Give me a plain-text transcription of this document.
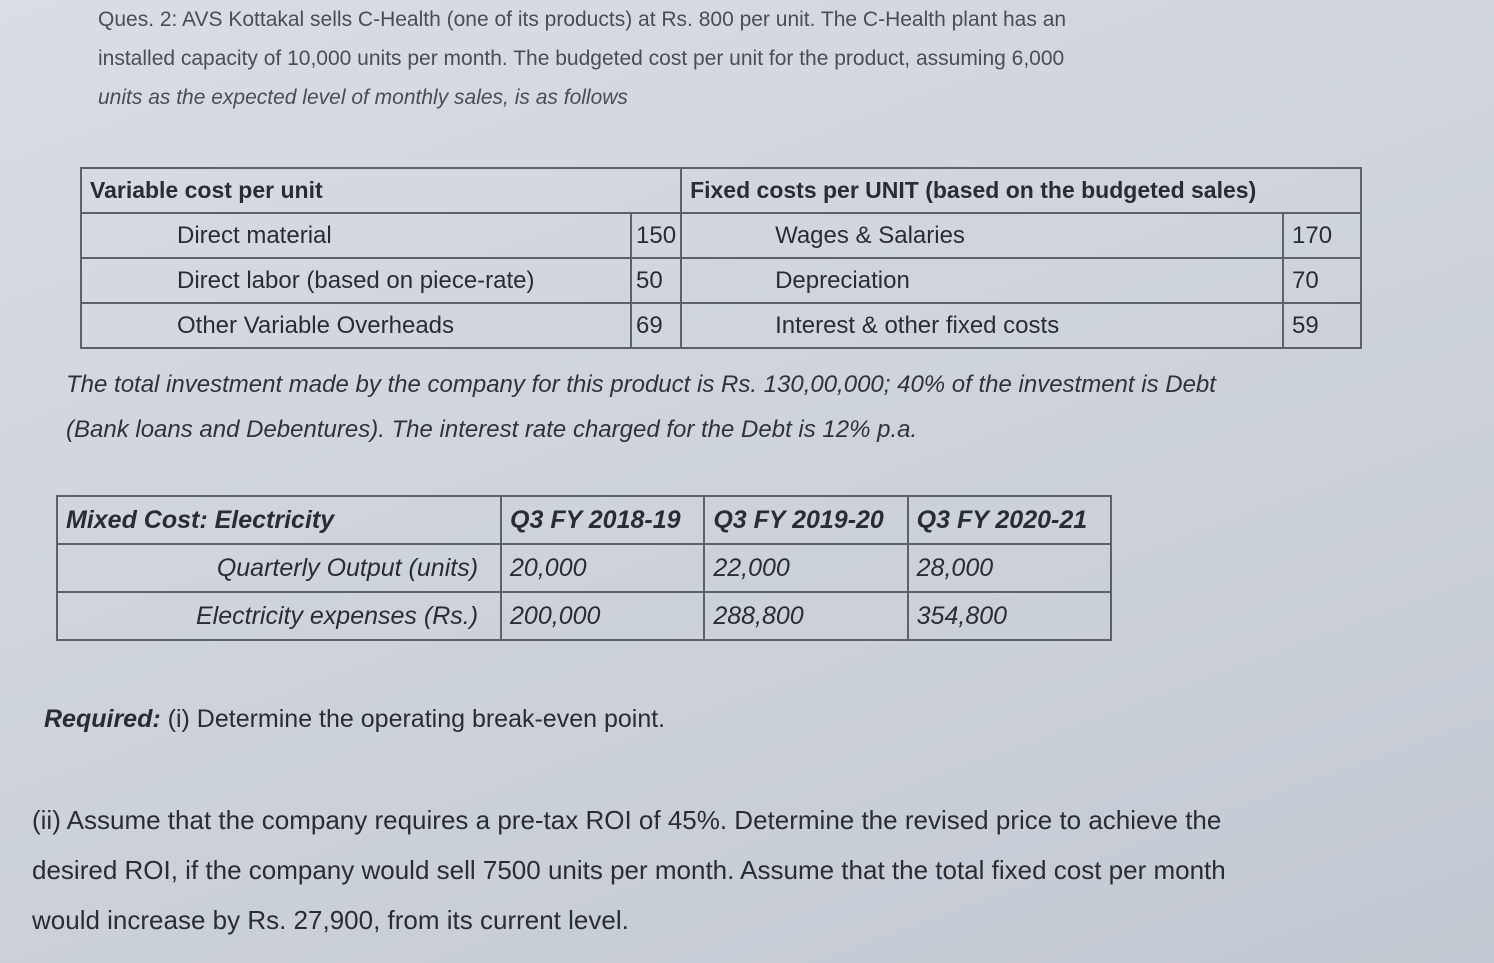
Ques. 2: AVS Kottakal sells C-Health (one of its products) at Rs. 800 per unit. The C-Health plant has an
installed capacity of 10,000 units per month. The budgeted cost per unit for the product, assuming 6,000
units as the expected level of monthly sales, is as follows
Variable cost per unit		Fixed costs per UNIT (based on the budgeted sales)	
Direct material	150	Wages & Salaries	170
Direct labor (based on piece-rate)	50	Depreciation	70
Other Variable Overheads	69	Interest & other fixed costs	59
The total investment made by the company for this product is Rs. 130,00,000; 40% of the investment is Debt
(Bank loans and Debentures). The interest rate charged for the Debt is 12% p.a.
Mixed Cost: Electricity	Q3 FY 2018-19	Q3 FY 2019-20	Q3 FY 2020-21
Quarterly Output (units)	20,000	22,000	28,000
Electricity expenses (Rs.)	200,000	288,800	354,800
Required: (i) Determine the operating break-even point.
(ii) Assume that the company requires a pre-tax ROI of 45%. Determine the revised price to achieve the
desired ROI, if the company would sell 7500 units per month. Assume that the total fixed cost per month
would increase by Rs. 27,900, from its current level.
